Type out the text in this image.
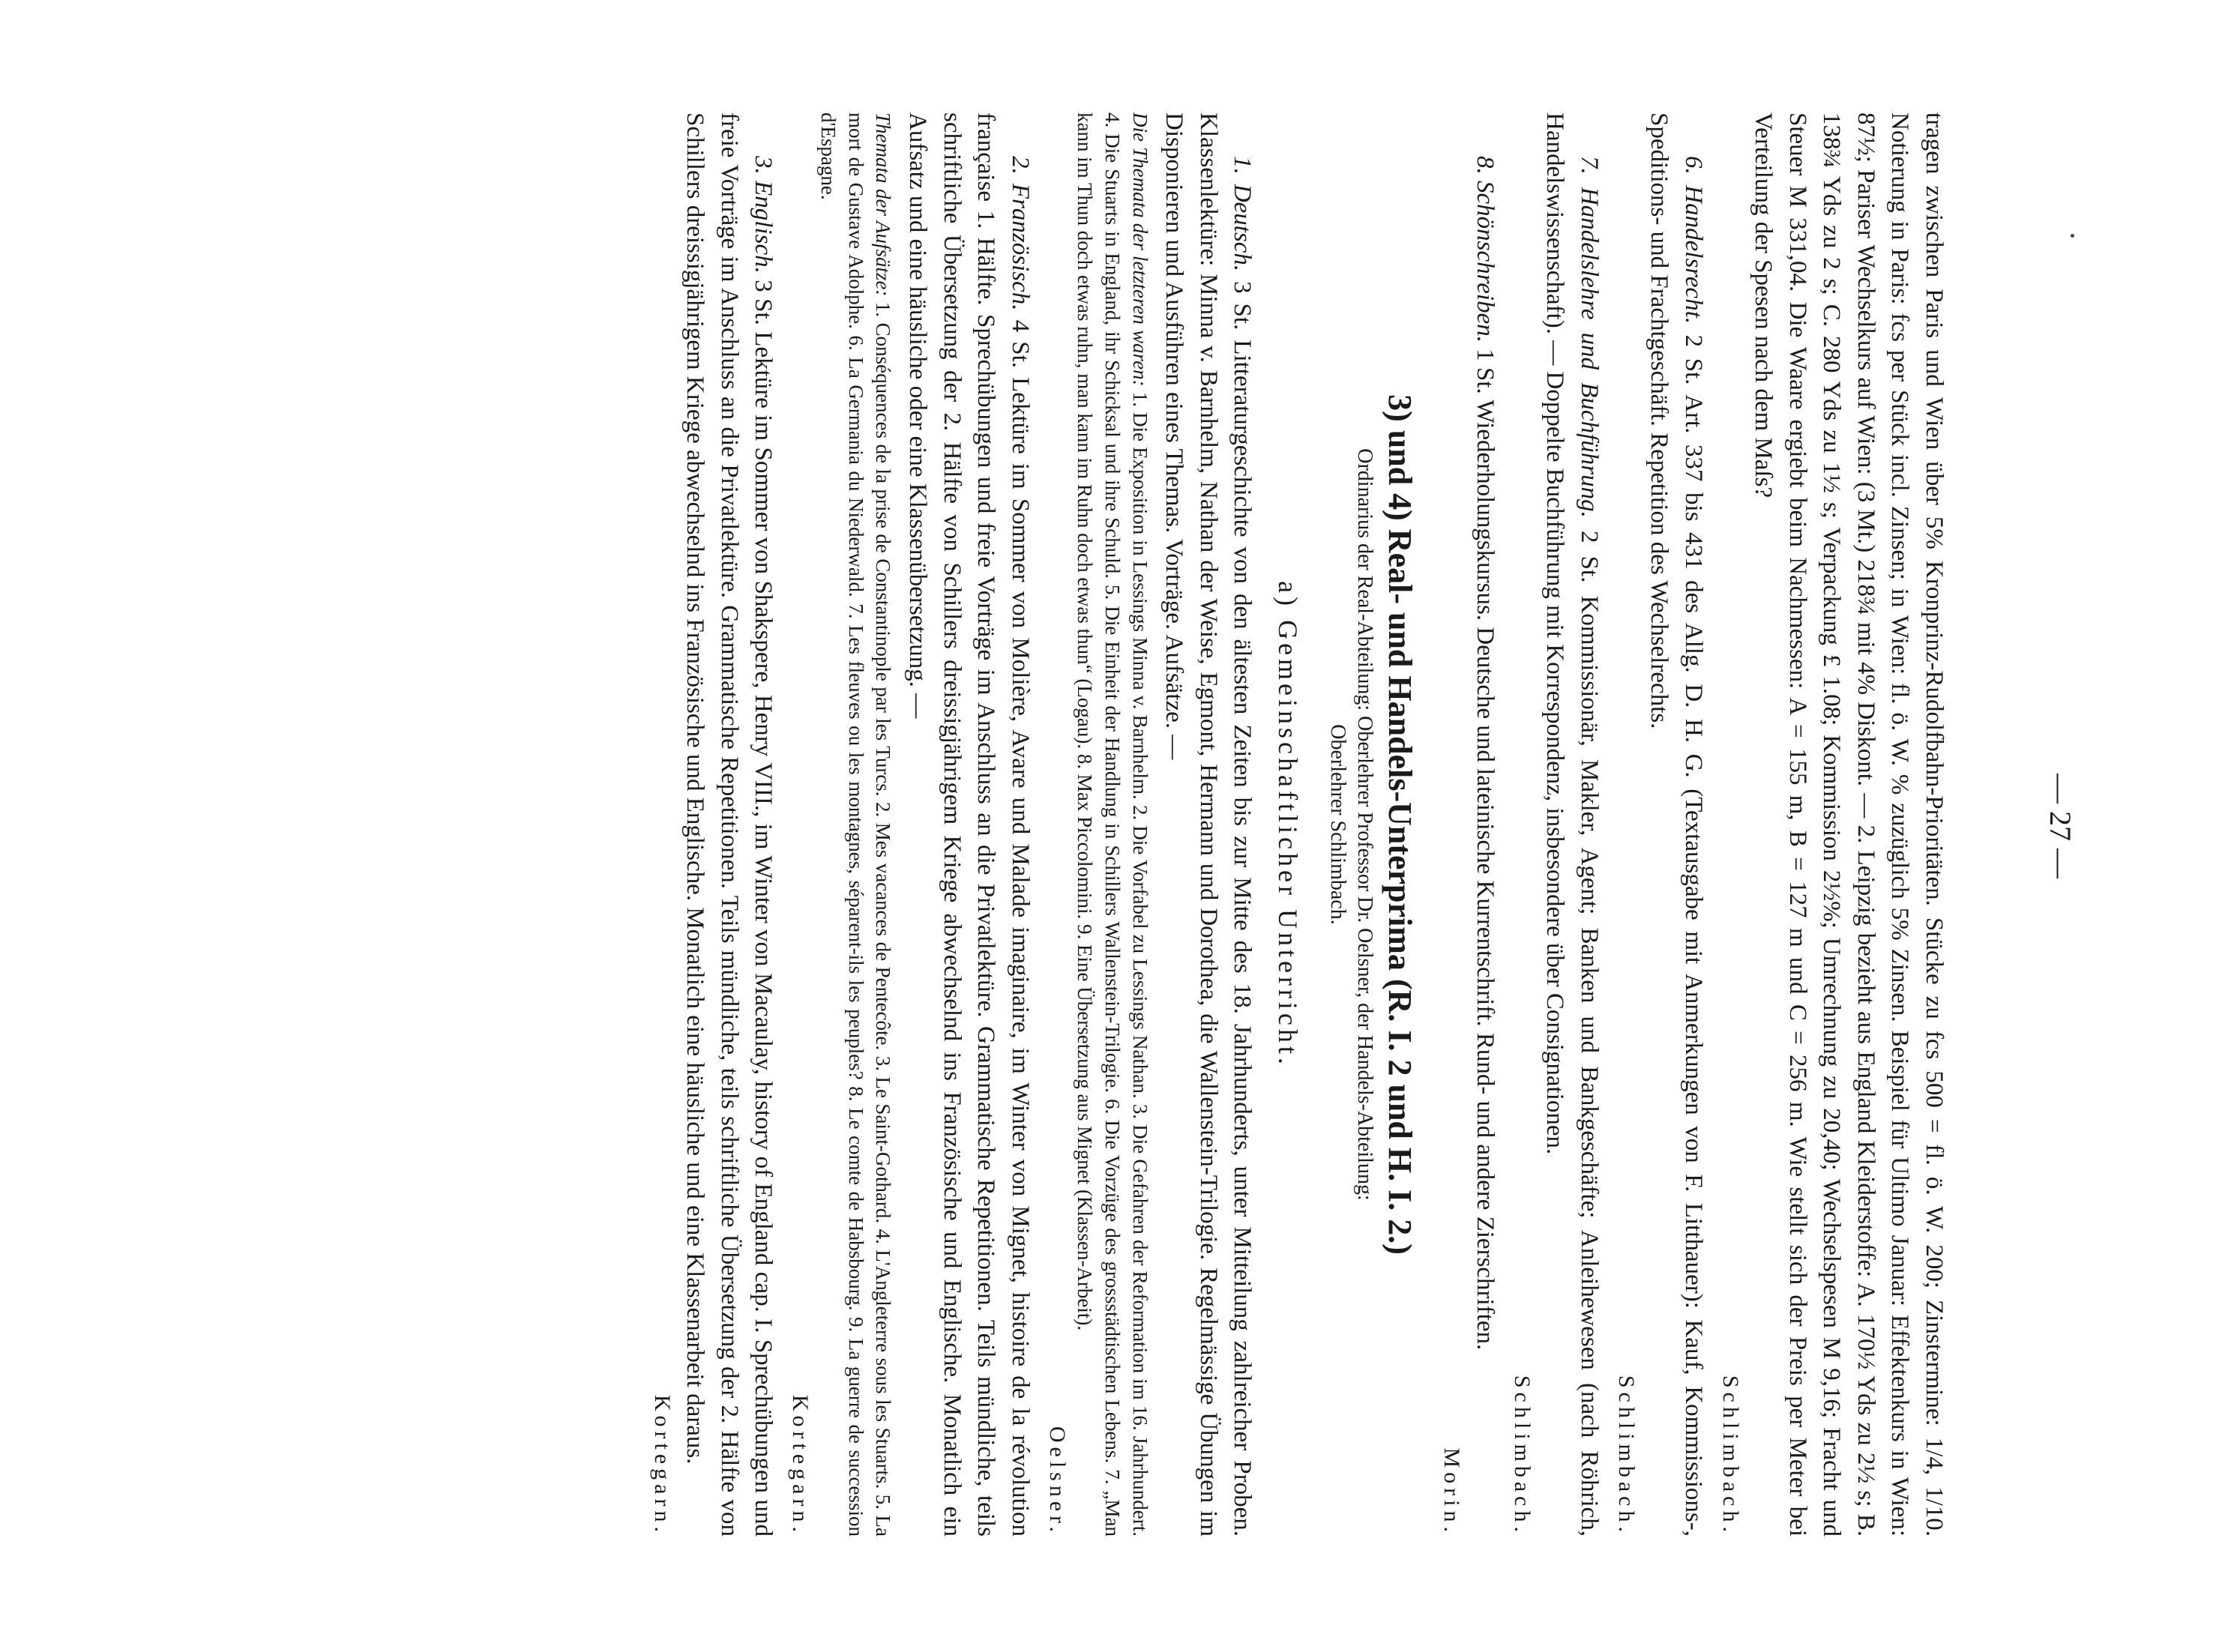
— 27 —

tragen zwischen Paris und Wien über 5% Kronprinz-Rudolfbahn-Prioritäten. Stücke zu fcs 500 = fl. ö. W. 200; Zinstermine: 1/4, 1/10. Notierung in Paris: fcs per Stück incl. Zinsen; in Wien: fl. ö. W. % zuzüglich 5% Zinsen. Beispiel für Ultimo Januar: Effektenkurs in Wien: 87½; Pariser Wechselkurs auf Wien: (3 Mt.) 218¾ mit 4% Diskont. — 2. Leipzig bezieht aus England Kleiderstoffe: A. 170½ Yds zu 2½ s; B. 138¾ Yds zu 2 s; C. 280 Yds zu 1½ s; Verpackung £ 1.08; Kommission 2½%; Umrechnung zu 20,40; Wechselspesen M 9,16; Fracht und Steuer M 331,04. Die Waare ergiebt beim Nachmessen: A = 155 m, B = 127 m und C = 256 m. Wie stellt sich der Preis per Meter bei Verteilung der Spesen nach dem Maſs?

Schlimbach.

6. Handelsrecht. 2 St. Art. 337 bis 431 des Allg. D. H. G. (Textausgabe mit Anmerkungen von F. Litthauer): Kauf, Kommissions-, Speditions- und Frachtgeschäft. Repetition des Wechselrechts.

Schlimbach.

7. Handelslehre und Buchführung. 2 St. Kommissionär, Makler, Agent; Banken und Bankgeschäfte; Anleihewesen (nach Röhrich, Handelswissenschaft). — Doppelte Buchführung mit Korrespondenz, insbesondere über Consignationen.

Schlimbach.

8. Schönschreiben. 1 St. Wiederholungskursus. Deutsche und lateinische Kurrentschrift. Rund- und andere Zierschriften.

Morin.

3) und 4) Real- und Handels-Unterprima (R. I. 2 und H. I. 2.)

Ordinarius der Real-Abteilung: Oberlehrer Professor Dr. Oelsner, der Handels-Abteilung:

Oberlehrer Schlimbach.

a) Gemeinschaftlicher Unterricht.

1. Deutsch. 3 St. Litteraturgeschichte von den ältesten Zeiten bis zur Mitte des 18. Jahrhunderts, unter Mitteilung zahlreicher Proben. Klassenlektüre: Minna v. Barnhelm, Nathan der Weise, Egmont, Hermann und Dorothea, die Wallenstein-Trilogie. Regelmässige Übungen im Disponieren und Ausführen eines Themas. Vorträge. Aufsätze. —

Die Themata der letzteren waren: 1. Die Exposition in Lessings Minna v. Barnhelm. 2. Die Vorfabel zu Lessings Nathan. 3. Die Gefahren der Reformation im 16. Jahrhundert. 4. Die Stuarts in England, ihr Schicksal und ihre Schuld. 5. Die Einheit der Handlung in Schillers Wallenstein-Trilogie. 6. Die Vorzüge des grossstädtischen Lebens. 7. „Man kann im Thun doch etwas ruhn, man kann im Ruhn doch etwas thun“ (Logau). 8. Max Piccolomini. 9. Eine Übersetzung aus Mignet (Klassen-Arbeit).

Oelsner.

2. Französisch. 4 St. Lektüre im Sommer von Molière, Avare und Malade imaginaire, im Winter von Mignet, histoire de la révolution française 1. Hälfte. Sprechübungen und freie Vorträge im Anschluss an die Privatlektüre. Grammatische Repetitionen. Teils mündliche, teils schriftliche Übersetzung der 2. Hälfte von Schillers dreissigjährigem Kriege abwechselnd ins Französische und Englische. Monatlich ein Aufsatz und eine häusliche oder eine Klassenübersetzung. —

Themata der Aufsätze: 1. Conséquences de la prise de Constantinople par les Turcs. 2. Mes vacances de Pentecôte. 3. Le Saint-Gothard. 4. L'Angleterre sous les Stuarts. 5. La mort de Gustave Adolphe. 6. La Germania du Niederwald. 7. Les fleuves ou les montagnes, séparent-ils les peuples? 8. Le comte de Habsbourg. 9. La guerre de succession d'Espagne.

Kortegarn.

3. Englisch. 3 St. Lektüre im Sommer von Shakspere, Henry VIII., im Winter von Macaulay, history of England cap. I. Sprechübungen und freie Vorträge im Anschluss an die Privatlektüre. Grammatische Repetitionen. Teils mündliche, teils schriftliche Übersetzung der 2. Hälfte von Schillers dreissigjährigem Kriege abwechselnd ins Französische und Englische. Monatlich eine häusliche und eine Klassenarbeit daraus.

Kortegarn.
